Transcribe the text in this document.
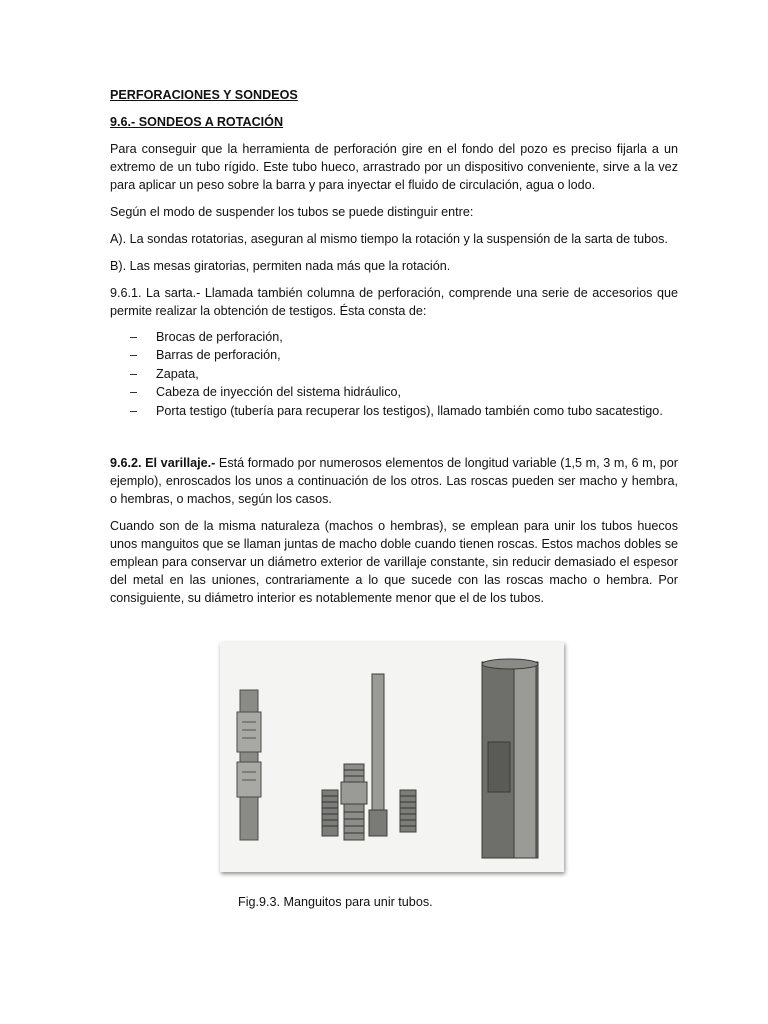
PERFORACIONES Y SONDEOS
9.6.- SONDEOS A ROTACIÓN

Para conseguir que la herramienta de perforación gire en el fondo del pozo es preciso fijarla a un extremo de un tubo rígido. Este tubo hueco, arrastrado por un dispositivo conveniente, sirve a la vez para aplicar un peso sobre la barra y para inyectar el fluido de circulación, agua o lodo.

Según el modo de suspender los tubos se puede distinguir entre:

A). La sondas rotatorias, aseguran al mismo tiempo la rotación y la suspensión de la sarta de tubos.

B). Las mesas giratorias, permiten nada más que la rotación.

9.6.1. La sarta.- Llamada también columna de perforación, comprende una serie de accesorios que permite realizar la obtención de testigos. Ésta consta de:

– Brocas de perforación,
– Barras de perforación,
– Zapata,
– Cabeza de inyección del sistema hidráulico,
– Porta testigo (tubería para recuperar los testigos), llamado también como tubo sacatestigo.

9.6.2. El varillaje.- Está formado por numerosos elementos de longitud variable (1,5 m, 3 m, 6 m, por ejemplo), enroscados los unos a continuación de los otros. Las roscas pueden ser macho y hembra, o hembras, o machos, según los casos.

Cuando son de la misma naturaleza (machos o hembras), se emplean para unir los tubos huecos unos manguitos que se llaman juntas de macho doble cuando tienen roscas. Estos machos dobles se emplean para conservar un diámetro exterior de varillaje constante, sin reducir demasiado el espesor del metal en las uniones, contrariamente a lo que sucede con las roscas macho o hembra. Por consiguiente, su diámetro interior es notablemente menor que el de los tubos.

Fig.9.3. Manguitos para unir tubos.
